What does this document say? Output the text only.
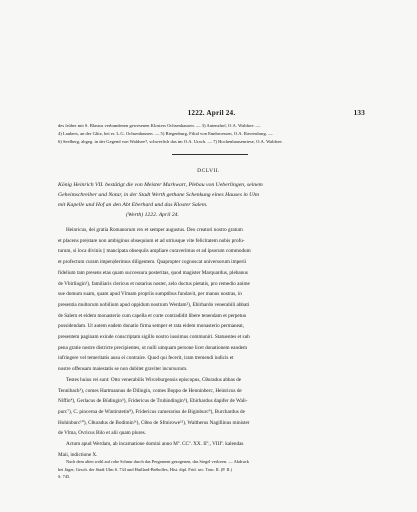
1222. April 24.	133
des früher mit S. Blasius verbundenen gewesenen Klosters Ochsenhausen. — 3) Autenzhof, O.A. Waldsee. —
4) Laubers, an der Glitz, bei er. L.G. Ochsenhausen. — 5) Biegenburg, Filial von Ennbroessen, O.A. Ravensburg. —
6) Seelberg, abgeg. in der Gegend von Waldsee?, schwerlich das im O.A. Urach. — 7) Hochenhausenriese, O.A. Waldsee.
DCLVII.
König Heinrich VII. bestätigt die von Meister Markwart, Plebau von Ueberlingen, seinem
Geheimschreiber und Notar, in der Stadt Werth gethane Schenkung eines Hauses in Ulm
mit Kapelle und Hof an den Abt Eberhard und das Kloster Salem.
(Werth) 1222. April 24.
Heinricus, dei gratia Romanorum rex et semper augustus. Deo creatori nostro gratum
et placens pre|stare non ambiginus obsequium et ad utriusque vite felicitatem nobis profu-
turum, si loca divinis || mancipata obsequiis ampliare curaverimus et ad ipsorum commodum
et profectum curam impen|derimus diligentem. Quapropter cognoscat universorum imperii
fidelium tam presens etas quam successura posteritas, quod magister Marquardus, plebanus
de Vbirlingin¹), familiaris clericus et notarius noster, zelo ductus pietatis, pro remedio anime
sue domum suam, quam apud Vlmam propriis sumptibus fundavit, per manus nostras, in
presentia multorum nobilium apud oppidum nostrum Werdam²), Ebirhardo venerabili abbati
de Salem et eidem monasterio cum capella et curte contradidit libere tenendam et perpetuo
possidendam. Ut autem eadem donatio firma semper et rata eidem monasterio permaneat,
presentem paginam exinde conscriptam sigillo nostro iussimus communiri. Statuentes et sub
pena gratie nostre districte precipientes, ut nulli umquam persone licet donationem eandem
infringere vel temeritatis ausu ei contraire. Quod qui fecerit, iram tremendi iudicis et
nostre offensam maiestatis se non dubitet graviter incursurum.
Testes huius rei sunt: Otto venerabilis Wirceburgensis episcopus, Cθuradus abbas de
Tennibach³), comes Hartmannus de Dilingin, comes Boppo de Henninberc, Heinricus de
Niffin⁴), Gerlacus de Büdingin⁵), Fridericus de Truhindingin⁶), Ebirhardus dapifer de Wali-
purc⁷), C. pincerna de Wintirstetin⁸), Fridericus camerarius de Biginburc⁹), Burchardus de
Hohinburc¹⁰), Cθuradus de Bodimin¹¹), Cθno de Sfmirowe¹²), Waltherus Nagillinus minister
de Vlma, Ovricus Bilo et alii quam plures.
Actum apud Werdam, ab incarnatione domini anno Mº. CCº. XX. IIº., VIIIº. kalendas
Maii, indictione X.
Nach dem alten wohl auf rohe Schnur durch das Pergament gezogenen, das Siegel verloren. — Abdruck
bei Jäger, Gesch. der Stadt Ulm S. 734 und Huillard-Bréholles, Hist. dipl. Frid. sec. Tom. II. (P. II.)
S. 745.
